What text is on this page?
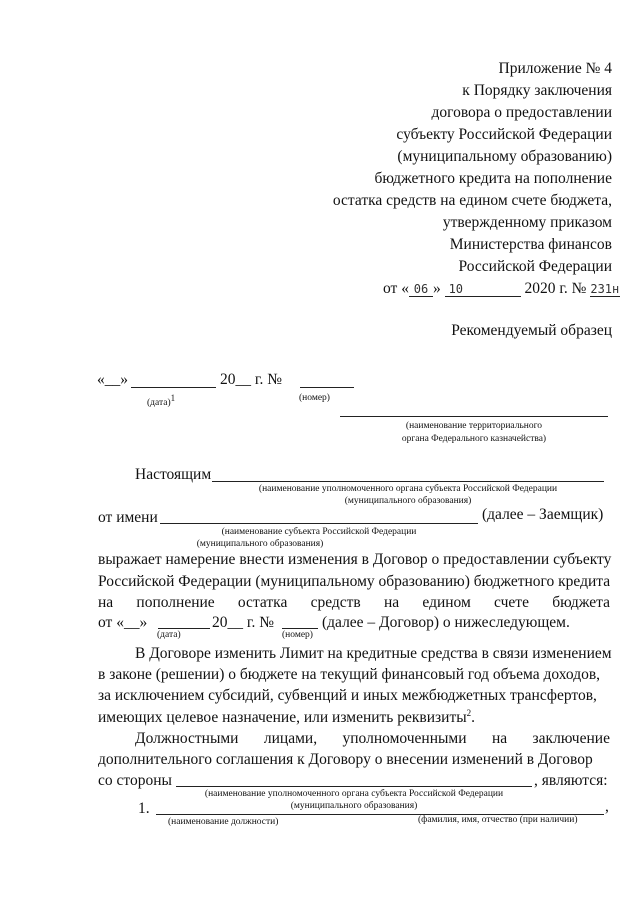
Приложение № 4
к Порядку заключения
договора о предоставлении
субъекту Российской Федерации
(муниципальному образованию)
бюджетного кредита на пополнение
остатка средств на едином счете бюджета,
утвержденному приказом
Министерства финансов
Российской Федерации
от « 06 » 10	2020 г. № 231н
Рекомендуемый образец
«__»	20__ г. №
(дата)1	(номер)
(наименование территориального
органа Федерального казначейства)
Настоящим
(наименование уполномоченного органа субъекта Российской Федерации
(муниципального образования)
от имени	(далее – Заемщик)
(наименование субъекта Российской Федерации
(муниципального образования)
выражает намерение внести изменения в Договор о предоставлении субъекту
Российской Федерации (муниципальному образованию) бюджетного кредита
на пополнение остатка средств на едином счете бюджета
от «__»	20__ г. №	(далее – Договор) о нижеследующем.
(дата)	(номер)
В Договоре изменить Лимит на кредитные средства в связи изменением
в законе (решении) о бюджете на текущий финансовый год объема доходов,
за исключением субсидий, субвенций и иных межбюджетных трансфертов,
имеющих целевое назначение, или изменить реквизиты$^2$.
Должностными лицами, уполномоченными на заключение
дополнительного соглашения к Договору о внесении изменений в Договор
со стороны	, являются:
(наименование уполномоченного органа субъекта Российской Федерации
(муниципального образования)
1.	,
(наименование должности)	(фамилия, имя, отчество (при наличии)
